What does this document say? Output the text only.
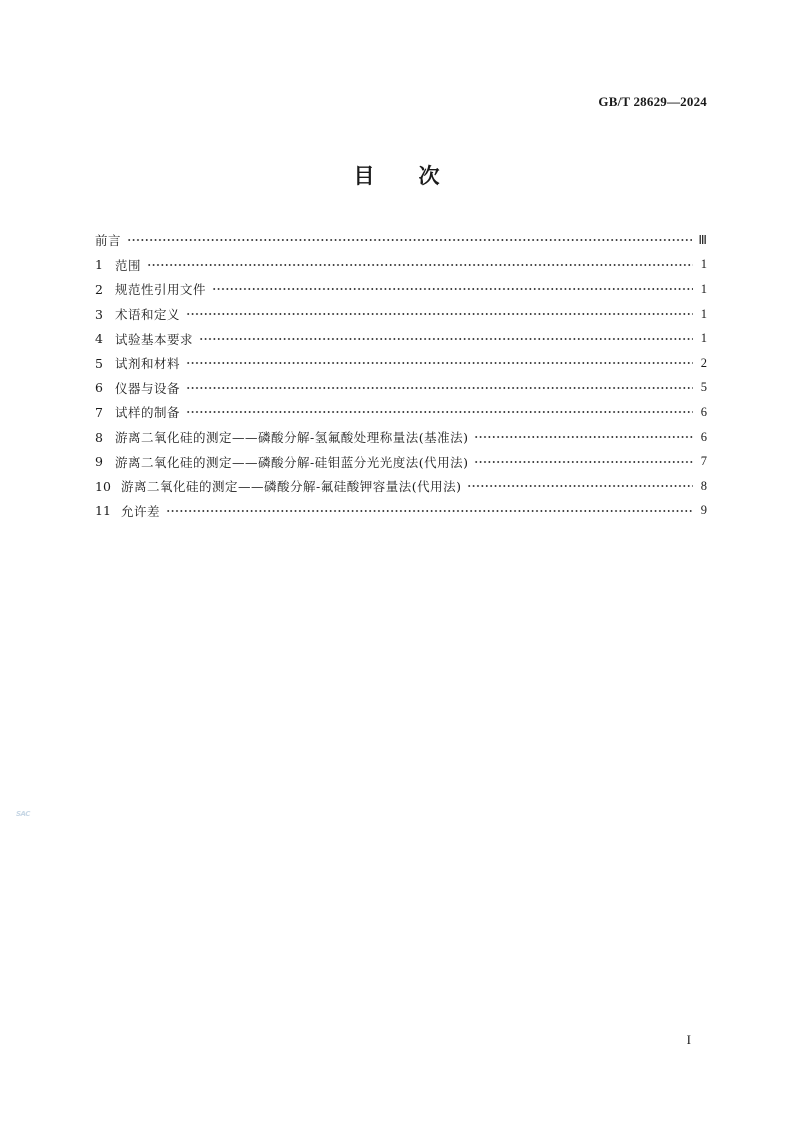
GB/T 28629—2024
目次
前言	Ⅲ
1 范围	1
2 规范性引用文件	1
3 术语和定义	1
4 试验基本要求	1
5 试剂和材料	2
6 仪器与设备	5
7 试样的制备	6
8 游离二氧化硅的测定——磷酸分解-氢氟酸处理称量法(基准法)	6
9 游离二氧化硅的测定——磷酸分解-硅钼蓝分光光度法(代用法)	7
10 游离二氧化硅的测定——磷酸分解-氟硅酸钾容量法(代用法)	8
11 允许差	9
SAC
I
